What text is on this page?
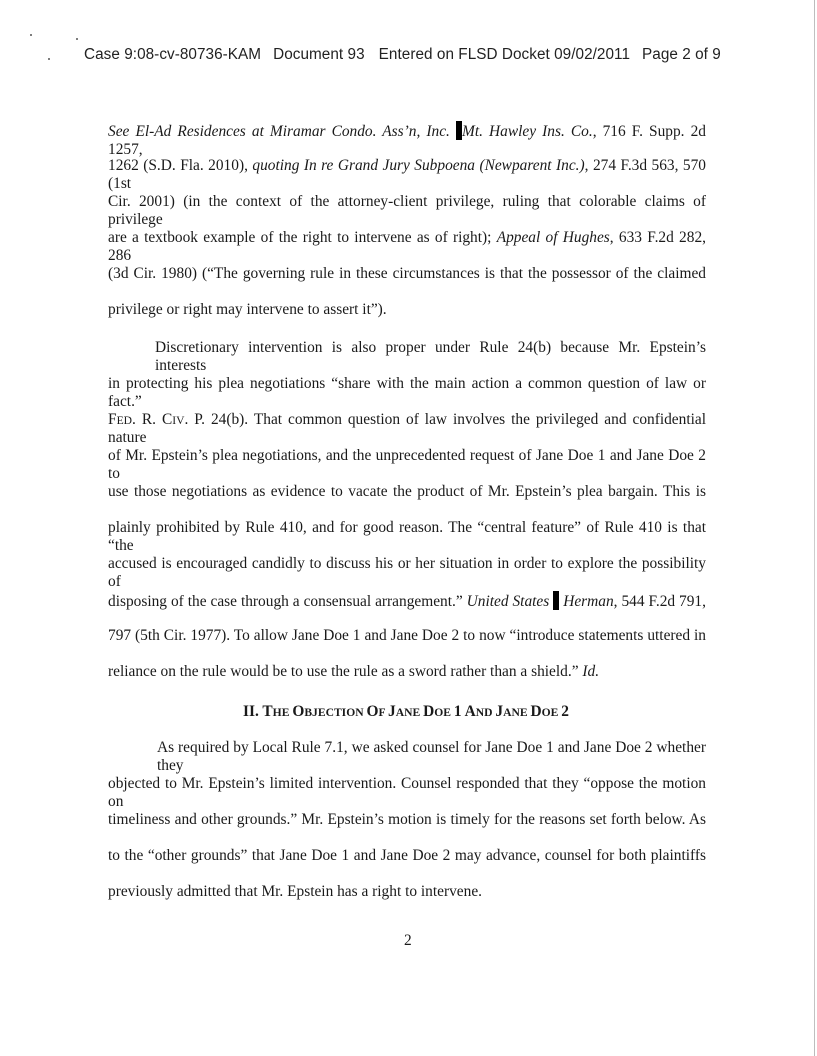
Case 9:08-cv-80736-KAM Document 93 Entered on FLSD Docket 09/02/2011 Page 2 of 9
See El-Ad Residences at Miramar Condo. Ass’n, Inc. Mt. Hawley Ins. Co., 716 F. Supp. 2d 1257,
1262 (S.D. Fla. 2010), quoting In re Grand Jury Subpoena (Newparent Inc.), 274 F.3d 563, 570 (1st
Cir. 2001) (in the context of the attorney-client privilege, ruling that colorable claims of privilege
are a textbook example of the right to intervene as of right); Appeal of Hughes, 633 F.2d 282, 286
(3d Cir. 1980) (“The governing rule in these circumstances is that the possessor of the claimed
privilege or right may intervene to assert it”).
Discretionary intervention is also proper under Rule 24(b) because Mr. Epstein’s interests
in protecting his plea negotiations “share with the main action a common question of law or fact.”
FED. R. CIV. P. 24(b). That common question of law involves the privileged and confidential nature
of Mr. Epstein’s plea negotiations, and the unprecedented request of Jane Doe 1 and Jane Doe 2 to
use those negotiations as evidence to vacate the product of Mr. Epstein’s plea bargain. This is
plainly prohibited by Rule 410, and for good reason. The “central feature” of Rule 410 is that “the
accused is encouraged candidly to discuss his or her situation in order to explore the possibility of
disposing of the case through a consensual arrangement.” United States Herman, 544 F.2d 791,
797 (5th Cir. 1977). To allow Jane Doe 1 and Jane Doe 2 to now “introduce statements uttered in
reliance on the rule would be to use the rule as a sword rather than a shield.” Id.
II. THE OBJECTION OF JANE DOE 1 AND JANE DOE 2
As required by Local Rule 7.1, we asked counsel for Jane Doe 1 and Jane Doe 2 whether they
objected to Mr. Epstein’s limited intervention. Counsel responded that they “oppose the motion on
timeliness and other grounds.” Mr. Epstein’s motion is timely for the reasons set forth below. As
to the “other grounds” that Jane Doe 1 and Jane Doe 2 may advance, counsel for both plaintiffs
previously admitted that Mr. Epstein has a right to intervene.
2
